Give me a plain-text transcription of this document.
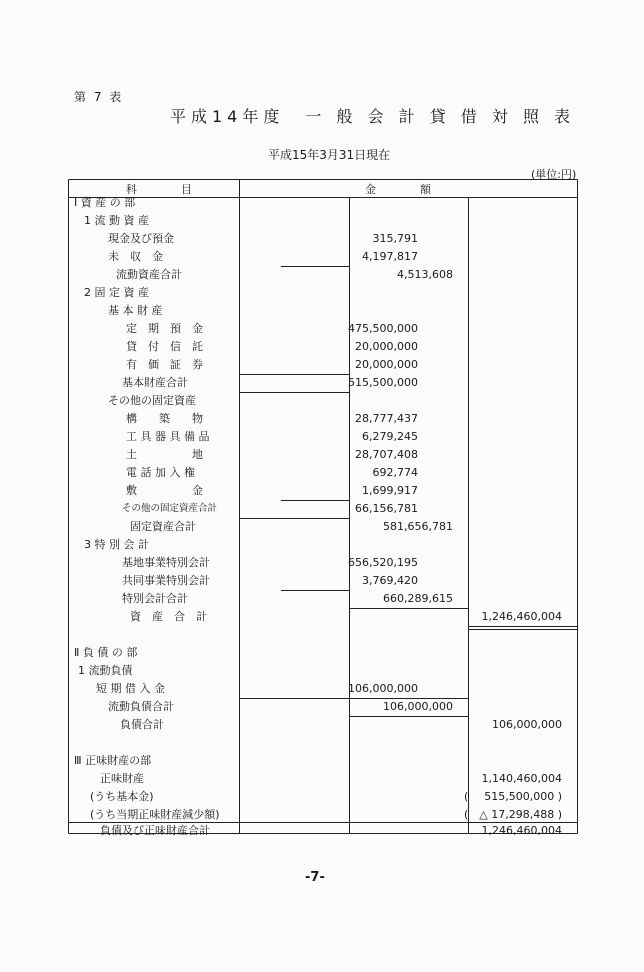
第 7 表
平成14年度　一 般 会 計 貸 借 対 照 表
平成15年3月31日現在
(単位:円)
科　　　　目	金　　　　額
Ⅰ 資 産 の 部
1 流 動 資 産
現金及び預金	315,791
未　収　金	4,197,817
流動資産合計	4,513,608
2 固 定 資 産
基 本 財 産
定　期　預　金	475,500,000
貸　付　信　託	20,000,000
有　価　証　券	20,000,000
基本財産合計	515,500,000
その他の固定資産
構　　築　　物	28,777,437
工 具 器 具 備 品	6,279,245
土　　　　　地	28,707,408
電 話 加 入 権	692,774
敷　　　　　金	1,699,917
その他の固定資産合計	66,156,781
固定資産合計	581,656,781
3 特 別 会 計
基地事業特別会計	656,520,195
共同事業特別会計	3,769,420
特別会計合計	660,289,615
資　産　合　計	1,246,460,004
Ⅱ 負 債 の 部
1 流動負債
短 期 借 入 金	106,000,000
流動負債合計	106,000,000
負債合計	106,000,000
Ⅲ 正味財産の部
正味財産	1,140,460,004
(うち基本金)	515,500,000 )
(
(うち当期正味財産減少額)	△ 17,298,488 )
(
負債及び正味財産合計	1,246,460,004
-7-
